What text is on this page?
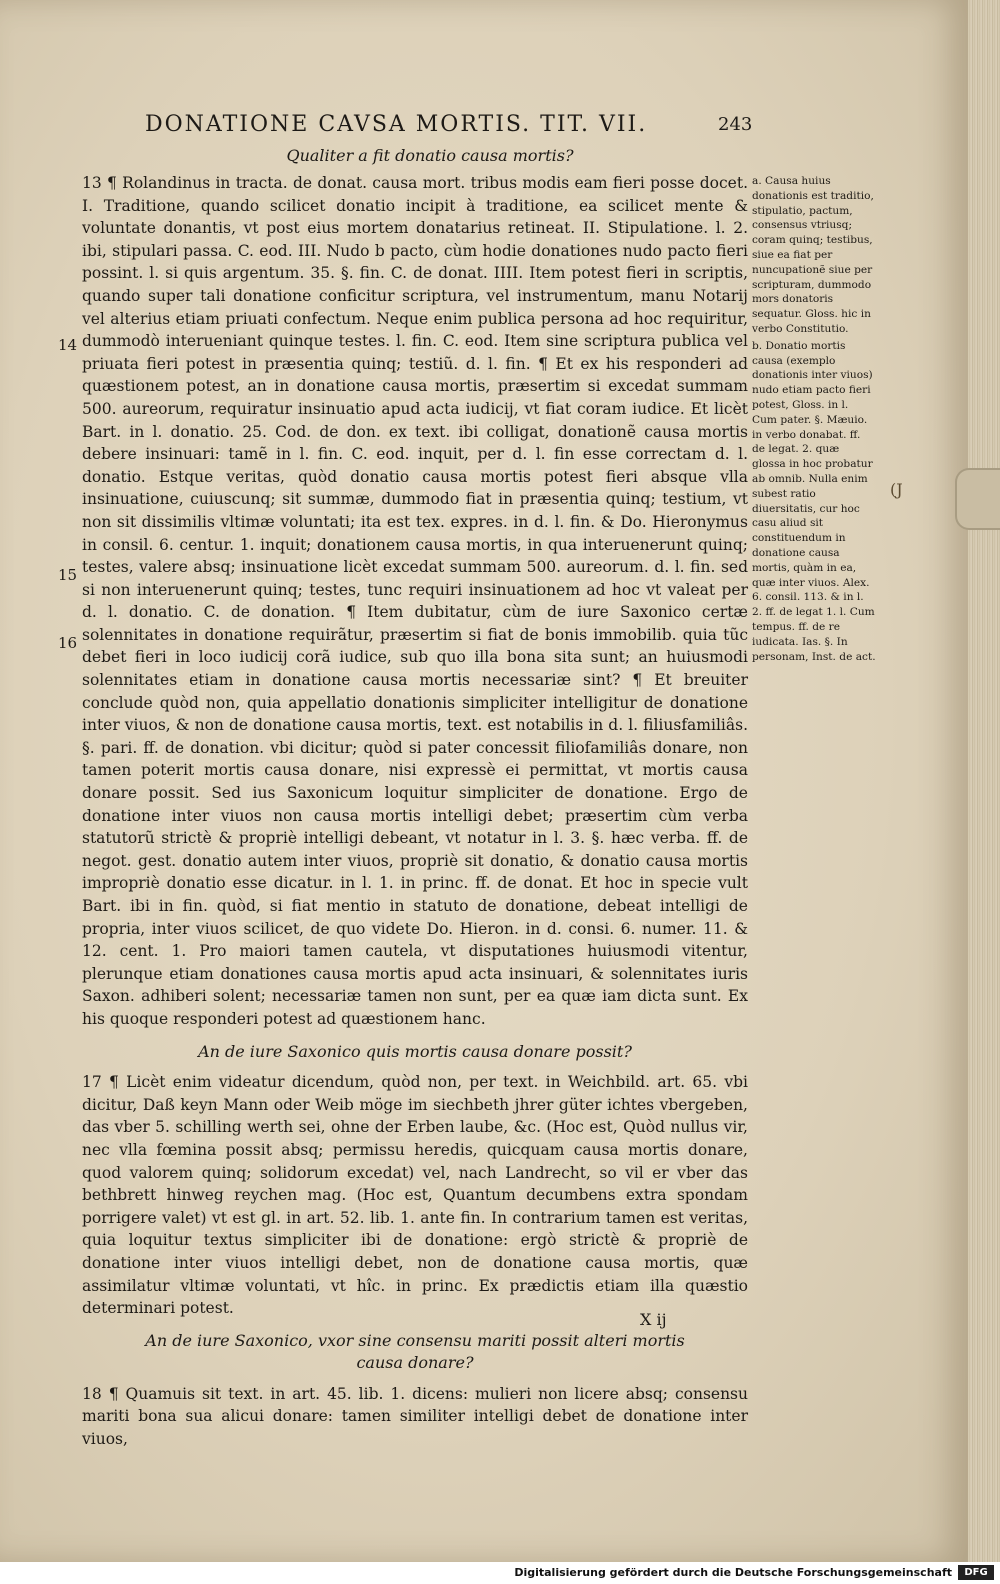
DONATIONE CAVSA MORTIS. TIT. VII.	243
Qualiter a fit donatio causa mortis?
14
15
16

13 ¶ Rolandinus in tracta. de donat. causa mort. tribus modis eam fieri posse docet. I. Traditione, quando scilicet donatio incipit à traditione, ea scilicet mente & voluntate donantis, vt post eius mortem donatarius retineat. II. Stipulatione. l. 2. ibi, stipulari passa. C. eod. III. Nudo b pacto, cùm hodie donationes nudo pacto fieri possint. l. si quis argentum. 35. §. fin. C. de donat. IIII. Item potest fieri in scriptis, quando super tali donatione conficitur scriptura, vel instrumentum, manu Notarij vel alterius etiam priuati confectum. Neque enim publica persona ad hoc requiritur, dummodò interueniant quinque testes. l. fin. C. eod. Item sine scriptura publica vel priuata fieri potest in præsentia quinq; testiũ. d. l. fin. ¶ Et ex his responderi ad quæstionem potest, an in donatione causa mortis, præsertim si excedat summam 500. aureorum, requiratur insinuatio apud acta iudicij, vt fiat coram iudice. Et licèt Bart. in l. donatio. 25. Cod. de don. ex text. ibi colligat, donationẽ causa mortis debere insinuari: tamẽ in l. fin. C. eod. inquit, per d. l. fin esse correctam d. l. donatio. Estque veritas, quòd donatio causa mortis potest fieri absque vlla insinuatione, cuiuscunq; sit summæ, dummodo fiat in præsentia quinq; testium, vt non sit dissimilis vltimæ voluntati; ita est tex. expres. in d. l. fin. & Do. Hieronymus in consil. 6. centur. 1. inquit; donationem causa mortis, in qua interuenerunt quinq; testes, valere absq; insinuatione licèt excedat summam 500. aureorum. d. l. fin. sed si non interuenerunt quinq; testes, tunc requiri insinuationem ad hoc vt valeat per d. l. donatio. C. de donation. ¶ Item dubitatur, cùm de iure Saxonico certæ solennitates in donatione requirãtur, præsertim si fiat de bonis immobilib. quia tũc debet fieri in loco iudicij corã iudice, sub quo illa bona sita sunt; an huiusmodi solennitates etiam in donatione causa mortis necessariæ sint? ¶ Et breuiter conclude quòd non, quia appellatio donationis simpliciter intelligitur de donatione inter viuos, & non de donatione causa mortis, text. est notabilis in d. l. filiusfamiliâs. §. pari. ff. de donation. vbi dicitur; quòd si pater concessit filiofamiliâs donare, non tamen poterit mortis causa donare, nisi expressè ei permittat, vt mortis causa donare possit. Sed ius Saxonicum loquitur simpliciter de donatione. Ergo de donatione inter viuos non causa mortis intelligi debet; præsertim cùm verba statutorũ strictè & propriè intelligi debeant, vt notatur in l. 3. §. hæc verba. ff. de negot. gest. donatio autem inter viuos, propriè sit donatio, & donatio causa mortis impropriè donatio esse dicatur. in l. 1. in princ. ff. de donat. Et hoc in specie vult Bart. ibi in fin. quòd, si fiat mentio in statuto de donatione, debeat intelligi de propria, inter viuos scilicet, de quo videte Do. Hieron. in d. consi. 6. numer. 11. & 12. cent. 1. Pro maiori tamen cautela, vt disputationes huiusmodi vitentur, plerunque etiam donationes causa mortis apud acta insinuari, & solennitates iuris Saxon. adhiberi solent; necessariæ tamen non sunt, per ea quæ iam dicta sunt. Ex his quoque responderi potest ad quæstionem hanc.

An de iure Saxonico quis mortis causa donare possit?

17 ¶ Licèt enim videatur dicendum, quòd non, per text. in Weichbild. art. 65. vbi dicitur, Daß keyn Mann oder Weib möge im siechbeth jhrer güter ichtes vbergeben, das vber 5. schilling werth sei, ohne der Erben laube, &c. (Hoc est, Quòd nullus vir, nec vlla fœmina possit absq; permissu heredis, quicquam causa mortis donare, quod valorem quinq; solidorum excedat) vel, nach Landrecht, so vil er vber das bethbrett hinweg reychen mag. (Hoc est, Quantum decumbens extra spondam porrigere valet) vt est gl. in art. 52. lib. 1. ante fin. In contrarium tamen est veritas, quia loquitur textus simpliciter ibi de donatione: ergò strictè & propriè de donatione inter viuos intelligi debet, non de donatione causa mortis, quæ assimilatur vltimæ voluntati, vt hîc. in princ. Ex prædictis etiam illa quæstio determinari potest.

An de iure Saxonico, vxor sine consensu mariti possit alteri mortis
causa donare?

18 ¶ Quamuis sit text. in art. 45. lib. 1. dicens: mulieri non licere absq; consensu mariti bona sua alicui donare: tamen similiter intelligi debet de donatione inter viuos,

X ij

a. Causa huius donationis est traditio, stipulatio, pactum, consensus vtriusq; coram quinq; testibus, siue ea fiat per nuncupationẽ siue per scripturam, dummodo mors donatoris sequatur. Gloss. hic in verbo Constitutio.

b. Donatio mortis causa (exemplo donationis inter viuos) nudo etiam pacto fieri potest, Gloss. in l. Cum pater. §. Mæuio. in verbo donabat. ff. de legat. 2. quæ glossa in hoc probatur ab omnib. Nulla enim subest ratio diuersitatis, cur hoc casu aliud sit constituendum in donatione causa mortis, quàm in ea, quæ inter viuos. Alex. 6. consil. 113. & in l. 2. ff. de legat 1. l. Cum tempus. ff. de re iudicata. Ias. §. In personam, Inst. de act.

(J
Digitalisierung gefördert durch die Deutsche Forschungsgemeinschaft	DFG
